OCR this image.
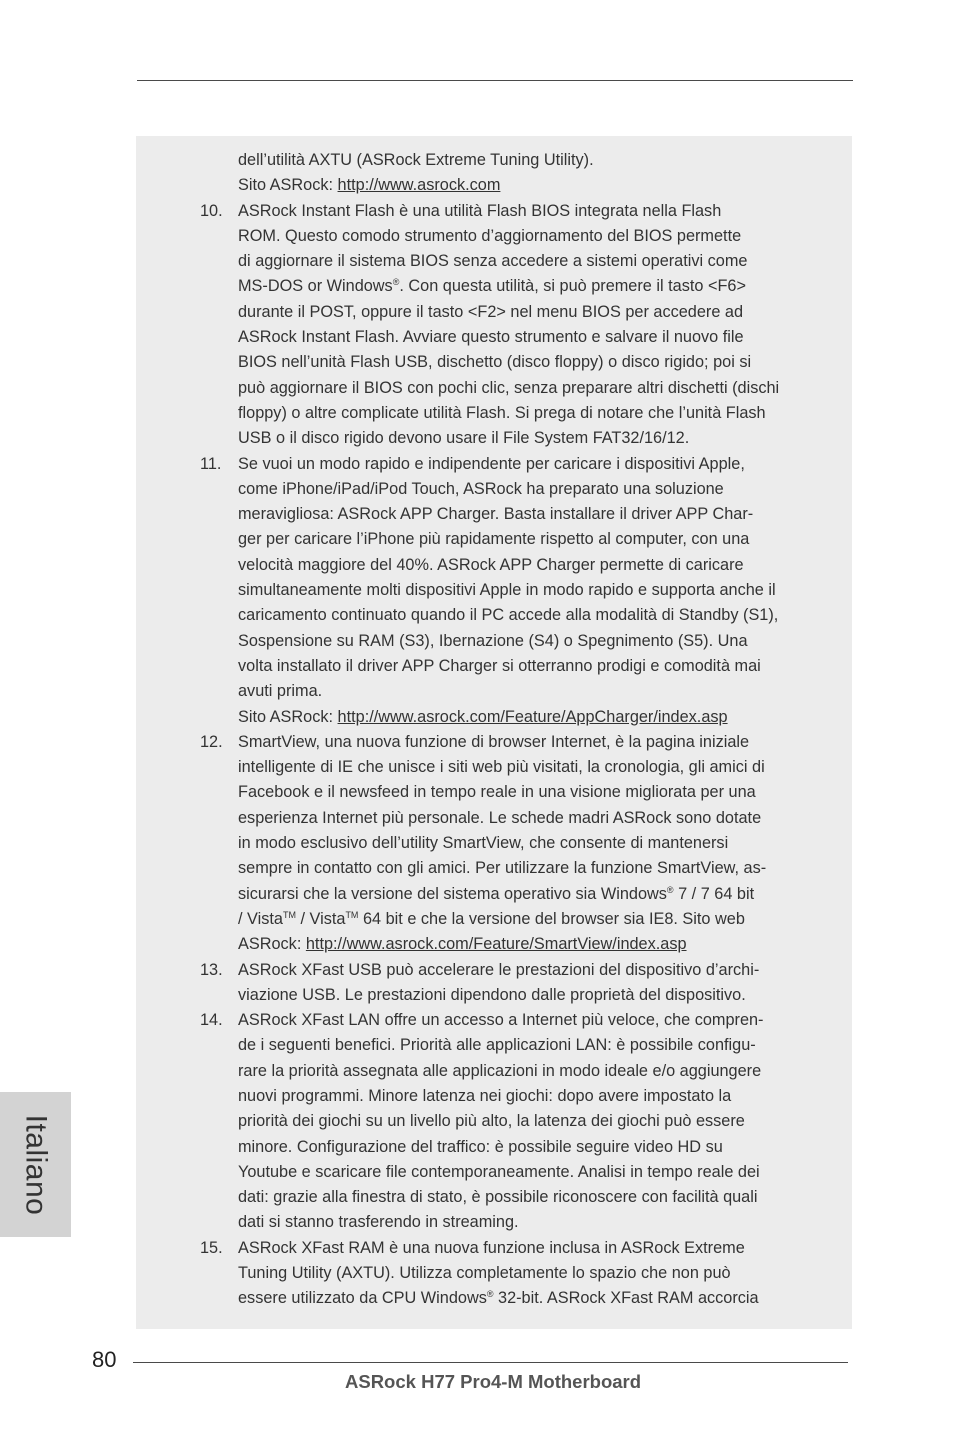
dell’utilità AXTU (ASRock Extreme Tuning Utility).
Sito ASRock: http://www.asrock.com
10. ASRock Instant Flash è una utilità Flash BIOS integrata nella Flash
ROM. Questo comodo strumento d’aggiornamento del BIOS permette
di aggiornare il sistema BIOS senza accedere a sistemi operativi come
MS-DOS or Windows®. Con questa utilità, si può premere il tasto <F6>
durante il POST, oppure il tasto <F2> nel menu BIOS per accedere ad
ASRock Instant Flash. Avviare questo strumento e salvare il nuovo file
BIOS nell’unità Flash USB, dischetto (disco floppy) o disco rigido; poi si
può aggiornare il BIOS con pochi clic, senza preparare altri dischetti (dischi
floppy) o altre complicate utilità Flash. Si prega di notare che l’unità Flash
USB o il disco rigido devono usare il File System FAT32/16/12.
11. Se vuoi un modo rapido e indipendente per caricare i dispositivi Apple,
come iPhone/iPad/iPod Touch, ASRock ha preparato una soluzione
meravigliosa: ASRock APP Charger. Basta installare il driver APP Char-
ger per caricare l’iPhone più rapidamente rispetto al computer, con una
velocità maggiore del 40%. ASRock APP Charger permette di caricare
simultaneamente molti dispositivi Apple in modo rapido e supporta anche il
caricamento continuato quando il PC accede alla modalità di Standby (S1),
Sospensione su RAM (S3), Ibernazione (S4) o Spegnimento (S5). Una
volta installato il driver APP Charger si otterranno prodigi e comodità mai
avuti prima.
Sito ASRock: http://www.asrock.com/Feature/AppCharger/index.asp
12. SmartView, una nuova funzione di browser Internet, è la pagina iniziale
intelligente di IE che unisce i siti web più visitati, la cronologia, gli amici di
Facebook e il newsfeed in tempo reale in una visione migliorata per una
esperienza Internet più personale. Le schede madri ASRock sono dotate
in modo esclusivo dell’utility SmartView, che consente di mantenersi
sempre in contatto con gli amici. Per utilizzare la funzione SmartView, as-
sicurarsi che la versione del sistema operativo sia Windows® 7 / 7 64 bit
/ Vista™ / Vista™ 64 bit e che la versione del browser sia IE8. Sito web
ASRock: http://www.asrock.com/Feature/SmartView/index.asp
13. ASRock XFast USB può accelerare le prestazioni del dispositivo d’archi-
viazione USB. Le prestazioni dipendono dalle proprietà del dispositivo.
14. ASRock XFast LAN offre un accesso a Internet più veloce, che compren-
de i seguenti benefici. Priorità alle applicazioni LAN: è possibile configu-
rare la priorità assegnata alle applicazioni in modo ideale e/o aggiungere
nuovi programmi. Minore latenza nei giochi: dopo avere impostato la
priorità dei giochi su un livello più alto, la latenza dei giochi può essere
minore. Configurazione del traffico: è possibile seguire video HD su
Youtube e scaricare file contemporaneamente. Analisi in tempo reale dei
dati: grazie alla finestra di stato, è possibile riconoscere con facilità quali
dati si stanno trasferendo in streaming.
15. ASRock XFast RAM è una nuova funzione inclusa in ASRock Extreme
Tuning Utility (AXTU). Utilizza completamente lo spazio che non può
essere utilizzato da CPU Windows® 32-bit. ASRock XFast RAM accorcia
Italiano
80
ASRock H77 Pro4-M Motherboard
